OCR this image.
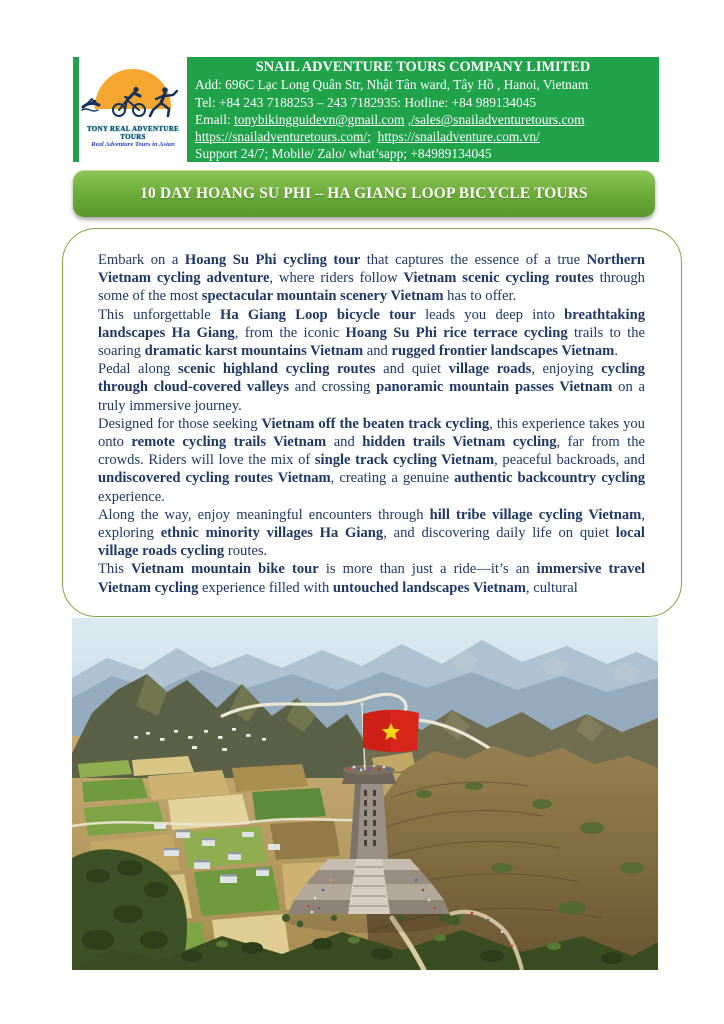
TONY REAL ADVENTURE TOURS
Real Adventure Tours in Asian
SNAIL ADVENTURE TOURS COMPANY LIMITED
Add: 696C Lạc Long Quân Str, Nhật Tân ward, Tây Hồ , Hanoi, Vietnam
Tel: +84 243 7188253 – 243 7182935: Hotline: +84 989134045
Email: tonybikingguidevn@gmail.com ,/sales@snailadventuretours.com
https://snailadventuretours.com/;  https://snailadventure.com.vn/
Support 24/7; Mobile/ Zalo/ what’sapp; +84989134045
10 DAY HOANG SU PHI – HA GIANG LOOP BICYCLE TOURS

Embark on a Hoang Su Phi cycling tour that captures the essence of a true Northern Vietnam cycling adventure, where riders follow Vietnam scenic cycling routes through some of the most spectacular mountain scenery Vietnam has to offer.

This unforgettable Ha Giang Loop bicycle tour leads you deep into breathtaking landscapes Ha Giang, from the iconic Hoang Su Phi rice terrace cycling trails to the soaring dramatic karst mountains Vietnam and rugged frontier landscapes Vietnam.

Pedal along scenic highland cycling routes and quiet village roads, enjoying cycling through cloud-covered valleys and crossing panoramic mountain passes Vietnam on a truly immersive journey.

Designed for those seeking Vietnam off the beaten track cycling, this experience takes you onto remote cycling trails Vietnam and hidden trails Vietnam cycling, far from the crowds. Riders will love the mix of single track cycling Vietnam, peaceful backroads, and undiscovered cycling routes Vietnam, creating a genuine authentic backcountry cycling experience.

Along the way, enjoy meaningful encounters through hill tribe village cycling Vietnam, exploring ethnic minority villages Ha Giang, and discovering daily life on quiet local village roads cycling routes.

This Vietnam mountain bike tour is more than just a ride—it’s an immersive travel Vietnam cycling experience filled with untouched landscapes Vietnam, cultural
